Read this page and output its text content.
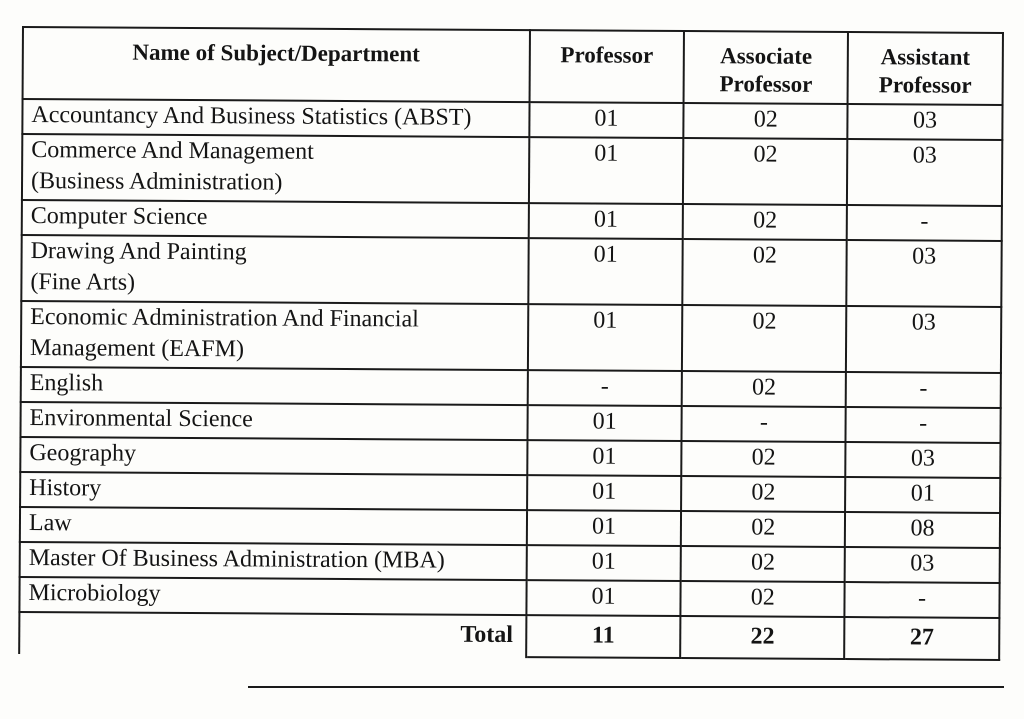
Name of Subject/Department	Professor	Associate Professor	Assistant Professor
Accountancy And Business Statistics (ABST)	01	02	03

Commerce And Management
(Business Administration)	01	02	03
Computer Science	01	02	-

Drawing And Painting
(Fine Arts)	01	02	03

Economic Administration And Financial
Management (EAFM)	01	02	03
English	-	02	-
Environmental Science	01	-	-
Geography	01	02	03
History	01	02	01
Law	01	02	08
Master Of Business Administration (MBA)	01	02	03
Microbiology	01	02	-
Total	11	22	27
